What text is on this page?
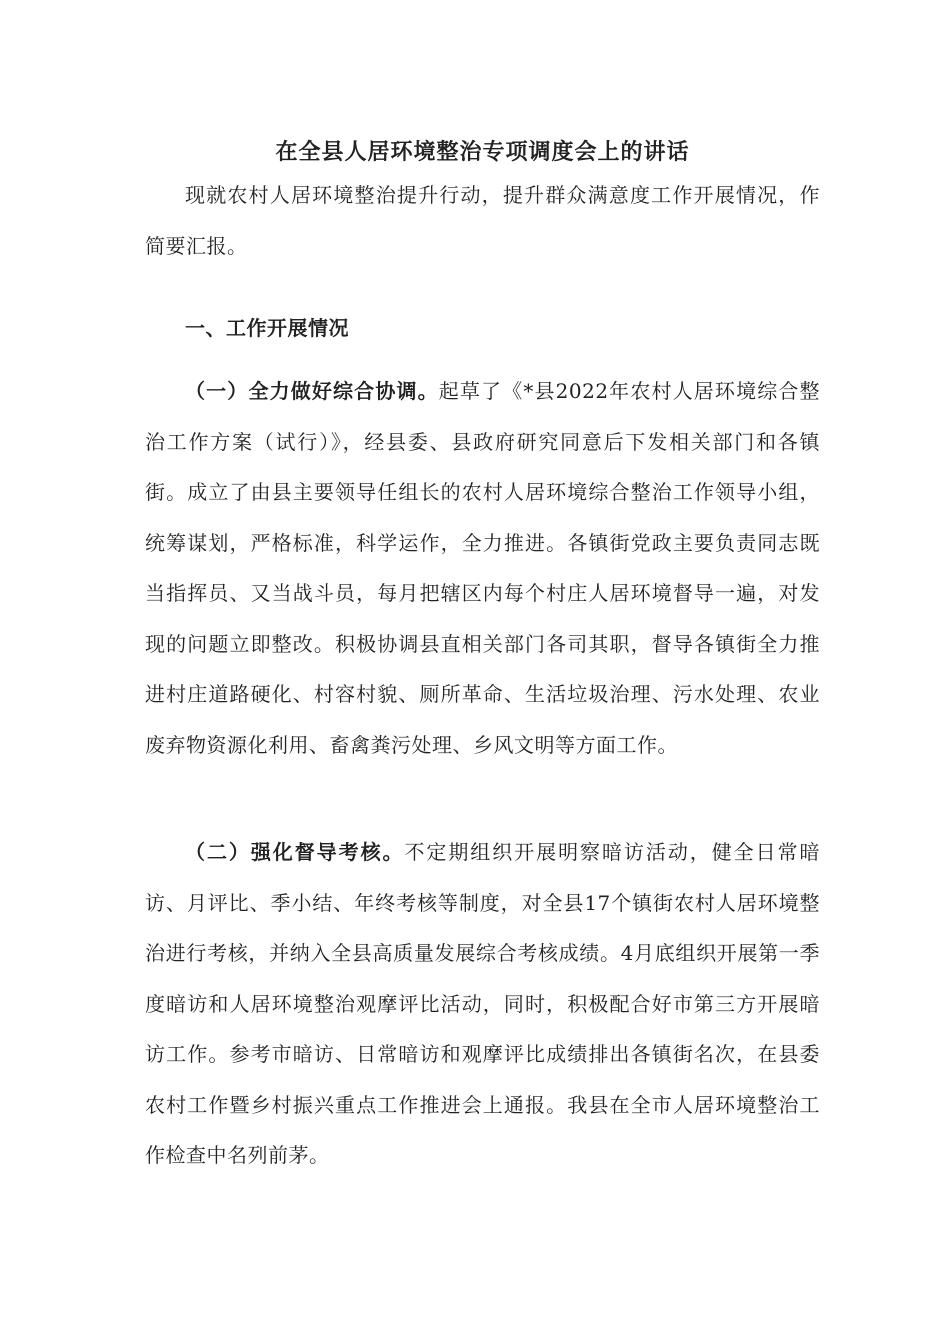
在全县人居环境整治专项调度会上的讲话

现就农村人居环境整治提升行动，提升群众满意度工作开展情况，作简要汇报。

一、工作开展情况

（一）全力做好综合协调。起草了《*县2022年农村人居环境综合整治工作方案（试行）》，经县委、县政府研究同意后下发相关部门和各镇街。成立了由县主要领导任组长的农村人居环境综合整治工作领导小组，统筹谋划，严格标准，科学运作，全力推进。各镇街党政主要负责同志既当指挥员、又当战斗员，每月把辖区内每个村庄人居环境督导一遍，对发现的问题立即整改。积极协调县直相关部门各司其职，督导各镇街全力推进村庄道路硬化、村容村貌、厕所革命、生活垃圾治理、污水处理、农业废弃物资源化利用、畜禽粪污处理、乡风文明等方面工作。

（二）强化督导考核。不定期组织开展明察暗访活动，健全日常暗访、月评比、季小结、年终考核等制度，对全县17个镇街农村人居环境整治进行考核，并纳入全县高质量发展综合考核成绩。4月底组织开展第一季度暗访和人居环境整治观摩评比活动，同时，积极配合好市第三方开展暗访工作。参考市暗访、日常暗访和观摩评比成绩排出各镇街名次，在县委农村工作暨乡村振兴重点工作推进会上通报。我县在全市人居环境整治工作检查中名列前茅。
